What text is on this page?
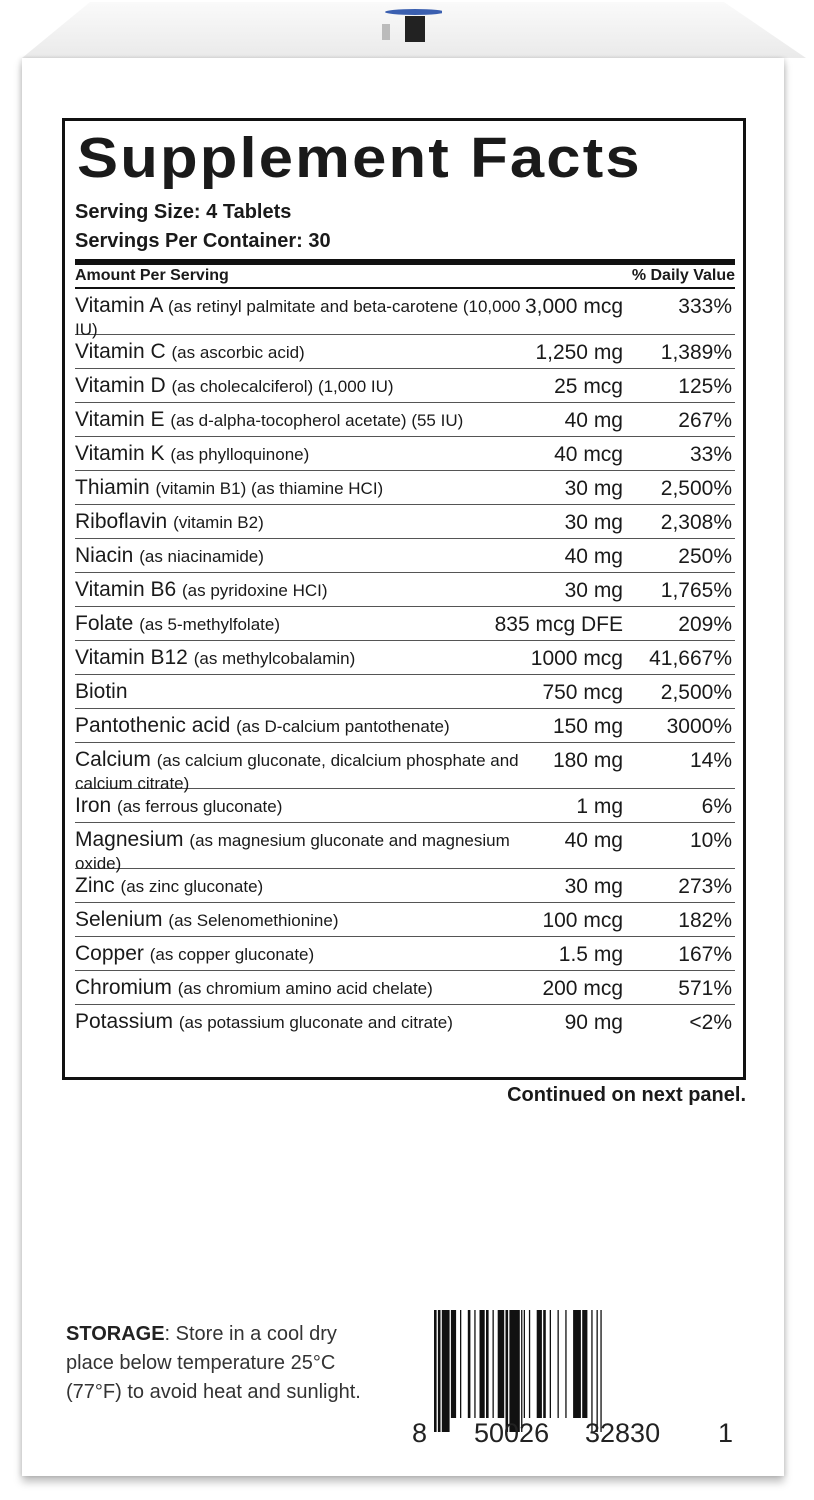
Supplement Facts
Serving Size: 4 Tablets
Servings Per Container: 30
Amount Per Serving	% Daily Value
Vitamin A (as retinyl palmitate and beta-carotene (10,000 IU)
3,000 mcg	333%
Vitamin C (as ascorbic acid)	1,250 mg 1,389%
Vitamin D (as cholecalciferol) (1,000 IU)	25 mcg	125%
Vitamin E (as d-alpha-tocopherol acetate) (55 IU)	40 mg	267%
Vitamin K (as phylloquinone)	40 mcg	33%
Thiamin (vitamin B1) (as thiamine HCI)	30 mg 2,500%
Riboflavin (vitamin B2)	30 mg 2,308%
Niacin (as niacinamide)	40 mg	250%
Vitamin B6 (as pyridoxine HCI)	30 mg 1,765%
Folate (as 5-methylfolate)	835 mcg DFE	209%
Vitamin B12 (as methylcobalamin)	1000 mcg 41,667%
Biotin	750 mcg 2,500%
Pantothenic acid (as D-calcium pantothenate)	150 mg 3000%
Calcium (as calcium gluconate, dicalcium phosphate and calcium citrate)
180 mg	14%
Iron (as ferrous gluconate)	1 mg	6%
Magnesium (as magnesium gluconate and magnesium oxide)
40 mg	10%
Zinc (as zinc gluconate)	30 mg	273%
Selenium (as Selenomethionine)	100 mcg	182%
Copper (as copper gluconate)	1.5 mg	167%
Chromium (as chromium amino acid chelate)	200 mcg	571%
Potassium (as potassium gluconate and citrate)	90 mg	<2%
Continued on next panel.
STORAGE: Store in a cool dry place below temperature 25°C (77°F) to avoid heat and sunlight.
8 50026 32830 1
